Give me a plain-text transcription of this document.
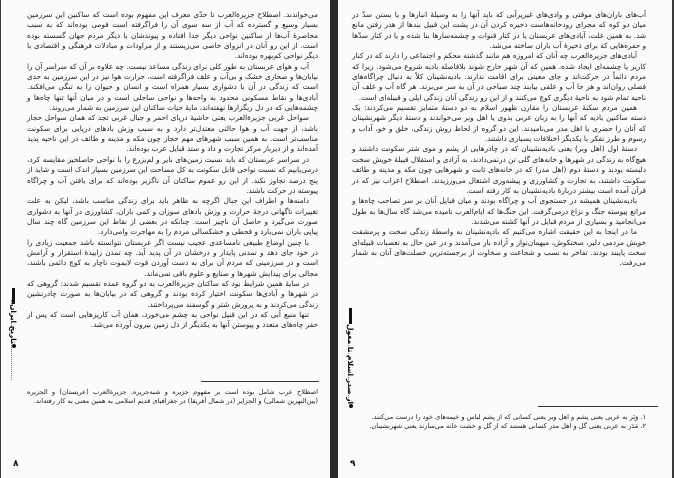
می‌خواندند. اصطلاح جزیرةالعرب تا حدّی معرف این مفهوم بوده است که ساکنین این سرزمین بسیار وسیع و گسترده که آب از سه سوی آن را فراگرفته است قومی بوده‌اند که به سبب محاصرهٔ آب‌ها از ساکنین نواحی دیگر جدا افتاده و پیوندشان با دیگر مردم جهان گسسته بوده است. از این رو آنان در انزوای خاصی می‌زیستند و از مراودات و مبادلات فرهنگی و اقتصادی با دیگر نواحی کم‌بهره بوده‌اند.

آب و هوای عربستان به طور کلی برای زندگی مساعد نیست. چه علاوه بر آن که سراسر آن را بیابان‌ها و صحاری خشک و بی‌آب و علف فراگرفته است، حرارت هوا نیز در این سرزمین به حدی است که زندگی در آن با دشواری بسیار همراه است و انسان و حیوان را به تنگی می‌افکند. آبادی‌ها و نقاط مسکونی محدود به واحه‌ها و نواحی ساحلی است و در میان آنها تنها چاه‌ها و چشمه‌هایی که در دل ریگزارها نهفته‌اند، مایهٔ حیات ساکنان این سرزمین به شمار می‌روند.

سواحل غربی جزیرةالعرب یعنی حاشیهٔ دریای احمر و جبال غربی تجد که همان سواحل حجاز باشد، از جهت آب و هوا حالتی معتدل‌تر دارد و به سبب وزش بادهای دریایی برای سکونت مناسب‌تر است. به همین سبب شهرهای مهم حجاز چون مکه و مدینه و طائف در این ناحیه پدید آمده‌اند و از دیرباز مرکز تجارت و داد و ستد قبایل عرب بوده‌اند.

در سراسر عربستان که باید نسبت زمین‌های بایر و لم‌یزرع را با نواحی حاصلخیز مقایسه کرد، درمی‌یابیم که نسبت نواحی قابل سکونت به کل مساحت این سرزمین بسیار اندک است و شاید از پنج درصد تجاوز نکند. از این رو عموم ساکنان آن ناگزیر بوده‌اند که برای یافتن آب و چراگاه پیوسته در حرکت باشند.

دامنه‌ها و اطراف این جبال اگرچه به ظاهر باید برای زندگی مناسب باشد، لیکن به علت تغییرات ناگهانی درجهٔ حرارت و وزش بادهای سوزان و کمی باران، کشاورزی در آنها به دشواری صورت می‌گیرد و حاصل آن ناچیز است. چنانکه در بعضی از نقاط این سرزمین گاه چند سال پیاپی باران نمی‌بارد و قحطی و خشکسالی مردم را به مهاجرت وامی‌دارد.

با چنین اوضاع طبیعی نامساعدی عجیب نیست اگر عربستان نتوانسته باشد جمعیت زیادی را در خود جای دهد و تمدنی پایدار و درخشان در آن پدید آید. چه تمدن زاییدهٔ استقرار و آرامش است و در سرزمینی که مردم آن برای به دست آوردن قوت لایموت ناچار به کوچ دائمی باشند، مجالی برای پیدایش شهرها و صنایع و علوم باقی نمی‌ماند.

در سایهٔ همین شرایط بود که ساکنان جزیرةالعرب به دو گروه عمده تقسیم شدند: گروهی که در شهرها و آبادی‌ها سکونت اختیار کرده بودند و گروهی که در بیابان‌ها به صورت چادرنشین زندگی می‌کردند و به پرورش شتر و گوسفند می‌پرداختند.

تنها منبع آبی که در این قبیل نواحی به چشم می‌خورد، همان آب کاریزهایی است که پس از حفر چاه‌های متعدد و پیوستن آنها به یکدیگر از دل زمین بیرون آورده می‌شد.

اصطلاح عرب شامل بوده است بر مفهوم جزیره و شبه‌جزیره. جزیرةالعرب (عربستان) و الجزیره (بین‌النهرین شمالی) و الجزایر (در شمال آفریقا) در جغرافیای قدیم اسلامی به همین معنی به کار رفته‌اند.

تاریخ ایران
۸

آب‌های باران‌های موقتی و وادی‌های غیرپرآبی که باید آنها را به وسیلهٔ انبارها و یا بستن سدّ در میان دو کوه که مجرای رودخانه‌هاست ذخیره کردن آن در پشت این قبیل بندها از هدر رفتن مانع شد. به همین علت، آبادی‌های عربستان یا در کنار قنوات و چشمه‌سارها بنا شده و یا در کنار سدّها و حفره‌هایی که برای ذخیرهٔ آب باران ساخته می‌شد.

آبادی‌های جزیرةالعرب چه آنان که امروزه هم مانند گذشته محکم و اجتماعی را دارند که در کنار کاریز یا چشمه‌ای ایجاد شده، همین که آن شهر خارج شوند بلافاصله بادیه شروع می‌شود. زیرا که مردم دائماً در حرکت‌اند و جای معینی برای اقامت ندارند. بادیه‌نشینان کلاً به دنبال چراگاه‌های فصلی روان‌اند و هر جا آب و علفی بیابند چند صباحی در آن به سر می‌برند. هر گاه آب و علف آن ناحیه تمام شود به ناحیهٔ دیگری کوچ می‌کنند و از این رو زندگی آنان زندگی ایلی و قبیله‌ای است.

همین مردم سکنهٔ عربستان را مقارن ظهور اسلام به دو دستهٔ متمایز تقسیم می‌کردند: یک دسته ساکنین بادیه که آنها را به زبان عربی بدوی یا اهل وبر می‌خواندند و دستهٔ دیگر شهرنشینان که آنان را حضری یا اهل مدر می‌نامیدند. این دو گروه از لحاظ روش زندگی، خلق و خو، آداب و رسوم و طرز تفکر با یکدیگر اختلافات بسیاری داشتند.

دستهٔ اول (اهل وبر) یعنی بادیه‌نشینان که در چادرهایی از پشم و موی شتر سکونت داشتند و هیچ‌گاه به زندگی در شهرها و خانه‌های گلی تن درنمی‌دادند، به آزادی و استقلال قبیلهٔ خویش سخت دلبسته بودند و دستهٔ دوم (اهل مدر) که در خانه‌های ثابت و شهرهایی چون مکه و مدینه و طائف سکونت داشتند، به تجارت و کشاورزی و پیشه‌وری اشتغال می‌ورزیدند. اصطلاح اعراب نیز که در قرآن آمده است بیشتر دربارهٔ بادیه‌نشینان به کار رفته است.

بادیه‌نشینان همیشه در جستجوی آب و چراگاه بودند و میان قبایل آنان بر سر تصاحب چاه‌ها و مراتع پیوسته جنگ و نزاع درمی‌گرفت. این جنگ‌ها که ایام‌العرب نامیده می‌شد گاه سال‌ها به طول می‌انجامید و بسیاری از مردم قبایل در آنها کشته می‌شدند.

ما در اینجا به این حقیقت اشاره می‌کنیم که بادیه‌نشینان به واسطهٔ زندگی سخت و پرمشقت خویش مردمی دلیر، سختکوش، میهمان‌نواز و آزاده بار می‌آمدند و در عین حال به تعصبات قبیله‌ای سخت پایبند بودند. تفاخر به نسب و شجاعت و سخاوت از برجسته‌ترین خصلت‌های آنان به شمار می‌رفت.

۱. وَبَر به عربی یعنی پشم و اهل وبر یعنی کسانی که از پشم لباس و خیمه‌های خود را درست می‌کنند.

۲. مَدَر به عربی یعنی گل و اهل مدر کسانی هستند که از گل و خشت خانه می‌سازند یعنی شهرنشینان.

از صدر اسلام تا مغول
۹
